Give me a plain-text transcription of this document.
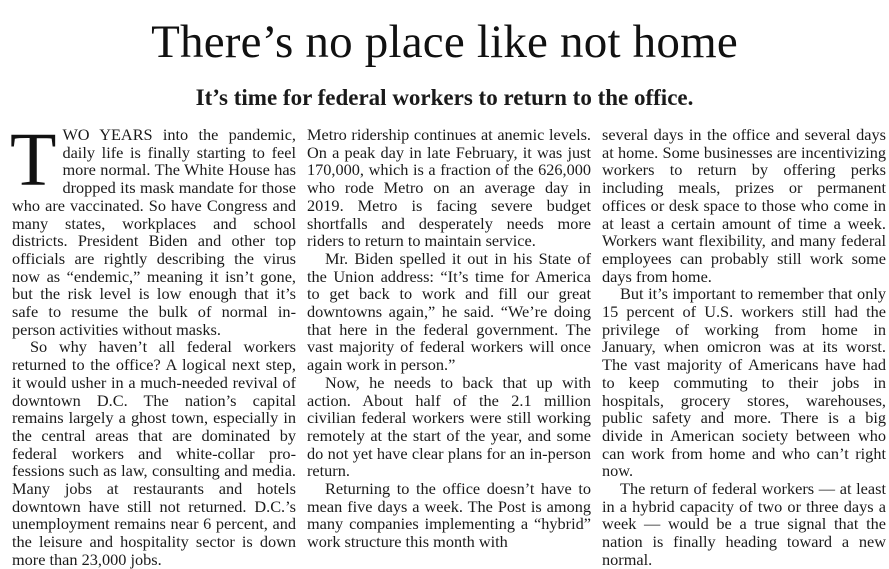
There’s no place like not home
It’s time for federal workers to return to the office.

TWO YEARS into the pandemic, daily life is finally starting to feel more normal. The White House has dropped its mask mandate for those who are vaccinated. So have Congress and many states, workplaces and school districts. President Biden and other top officials are rightly describing the virus now as “endemic,” meaning it isn’t gone, but the risk level is low enough that it’s safe to resume the bulk of normal in-person activities without masks.

So why haven’t all federal workers returned to the office? A logical next step, it would usher in a much-needed revival of downtown D.C. The nation’s capital remains largely a ghost town, especially in the central areas that are dominated by federal workers and white-collar professions such as law, consulting and media. Many jobs at restaurants and hotels downtown have still not returned. D.C.’s unemployment remains near 6 percent, and the leisure and hospitality sector is down more than 23,000 jobs.

Metro ridership continues at anemic levels. On a peak day in late February, it was just 170,000, which is a fraction of the 626,000 who rode Metro on an average day in 2019. Metro is facing severe budget shortfalls and desperately needs more riders to return to maintain service.

Mr. Biden spelled it out in his State of the Union address: “It’s time for America to get back to work and fill our great downtowns again,” he said. “We’re doing that here in the federal government. The vast majority of federal workers will once again work in person.”

Now, he needs to back that up with action. About half of the 2.1 million civilian federal workers were still working remotely at the start of the year, and some do not yet have clear plans for an in-person return.

Returning to the office doesn’t have to mean five days a week. The Post is among many companies implementing a “hybrid” work structure this month with

several days in the office and several days at home. Some businesses are incentivizing workers to return by offering perks including meals, prizes or permanent offices or desk space to those who come in at least a certain amount of time a week. Workers want flexibility, and many federal employees can probably still work some days from home.

But it’s important to remember that only 15 percent of U.S. workers still had the privilege of working from home in January, when omicron was at its worst. The vast majority of Americans have had to keep commuting to their jobs in hospitals, grocery stores, warehouses, public safety and more. There is a big divide in American society between who can work from home and who can’t right now.

The return of federal workers — at least in a hybrid capacity of two or three days a week — would be a true signal that the nation is finally heading toward a new normal.
